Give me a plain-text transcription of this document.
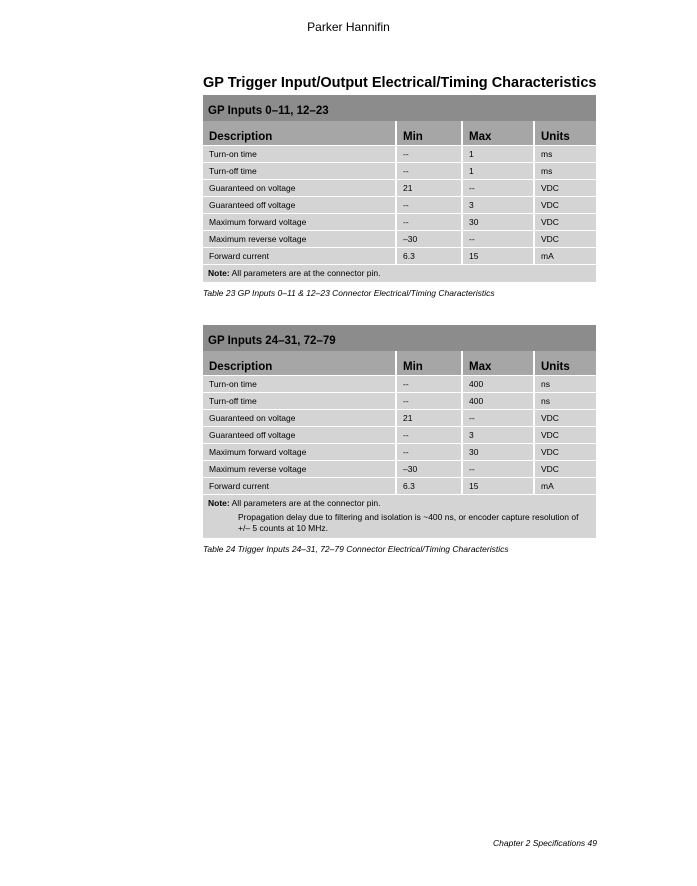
Parker Hannifin
GP Trigger Input/Output Electrical/Timing Characteristics
GP Inputs 0–11, 12–23
Description	Min	Max	Units
Turn-on time	--	1	ms
Turn-off time	--	1	ms
Guaranteed on voltage	21	--	VDC
Guaranteed off voltage	--	3	VDC
Maximum forward voltage	--	30	VDC
Maximum reverse voltage	–30	--	VDC
Forward current	6.3	15	mA
Note: All parameters are at the connector pin.
Table 23 GP Inputs 0–11 & 12–23 Connector Electrical/Timing Characteristics
GP Inputs 24–31, 72–79
Description	Min	Max	Units
Turn-on time	--	400	ns
Turn-off time	--	400	ns
Guaranteed on voltage	21	--	VDC
Guaranteed off voltage	--	3	VDC
Maximum forward voltage	--	30	VDC
Maximum reverse voltage	–30	--	VDC
Forward current	6.3	15	mA
Note: All parameters are at the connector pin.
Propagation delay due to filtering and isolation is ~400 ns, or encoder capture resolution of +/– 5 counts at 10 MHz.
Table 24 Trigger Inputs 24–31, 72–79 Connector Electrical/Timing Characteristics
Chapter 2 Specifications 49
